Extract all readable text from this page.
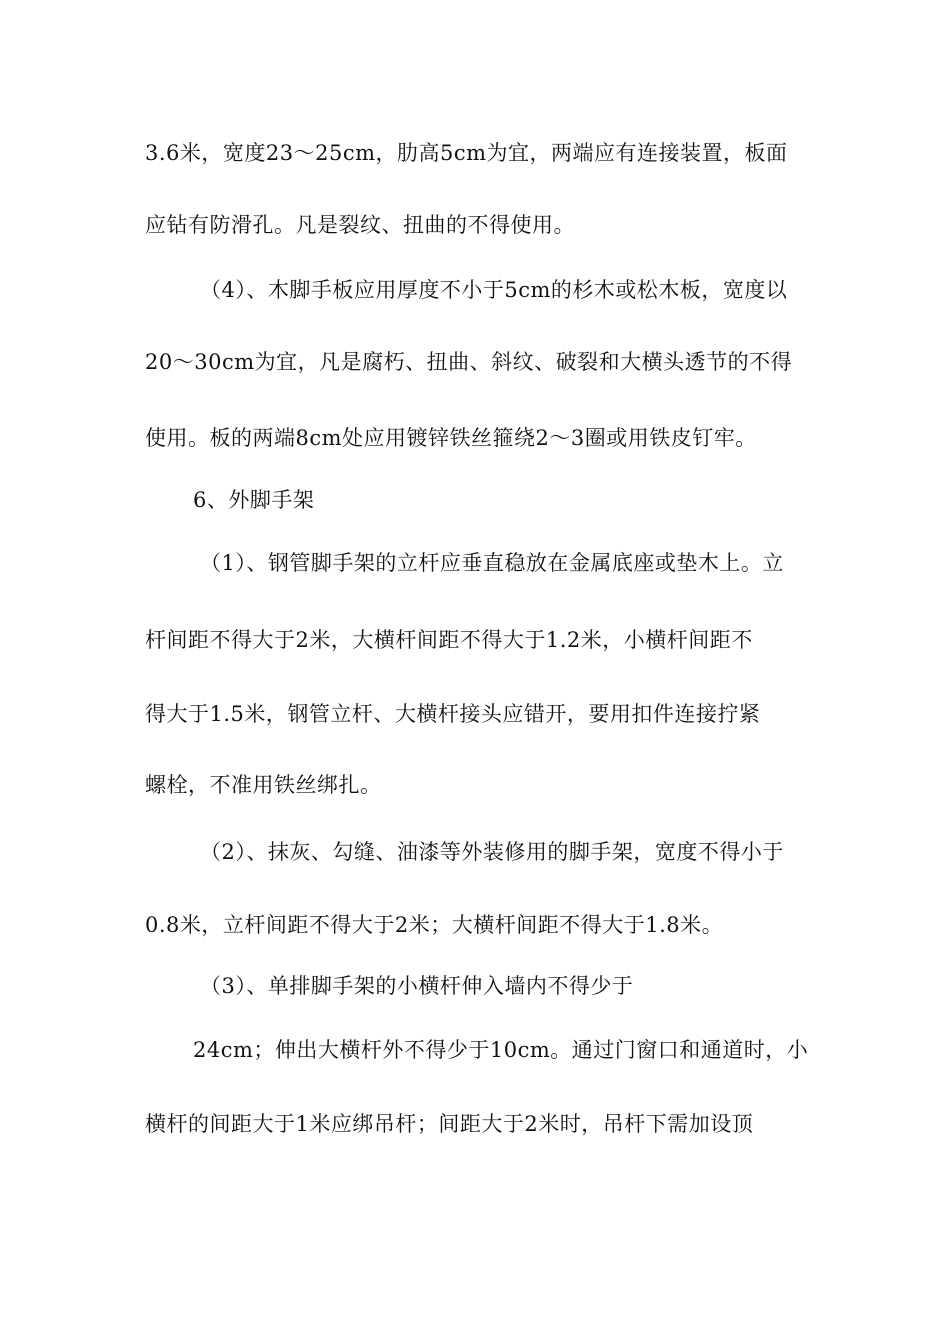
3.6米，宽度23～25cm，肋高5cm为宜，两端应有连接装置，板面
应钻有防滑孔。凡是裂纹、扭曲的不得使用。
（4）、木脚手板应用厚度不小于5cm的杉木或松木板，宽度以
20～30cm为宜，凡是腐朽、扭曲、斜纹、破裂和大横头透节的不得
使用。板的两端8cm处应用镀锌铁丝箍绕2～3圈或用铁皮钉牢。
6、外脚手架
（1）、钢管脚手架的立杆应垂直稳放在金属底座或垫木上。立
杆间距不得大于2米，大横杆间距不得大于1.2米，小横杆间距不
得大于1.5米，钢管立杆、大横杆接头应错开，要用扣件连接拧紧
螺栓，不准用铁丝绑扎。
（2）、抹灰、勾缝、油漆等外装修用的脚手架，宽度不得小于
0.8米，立杆间距不得大于2米；大横杆间距不得大于1.8米。
（3）、单排脚手架的小横杆伸入墙内不得少于
24cm；伸出大横杆外不得少于10cm。通过门窗口和通道时，小
横杆的间距大于1米应绑吊杆；间距大于2米时，吊杆下需加设顶
